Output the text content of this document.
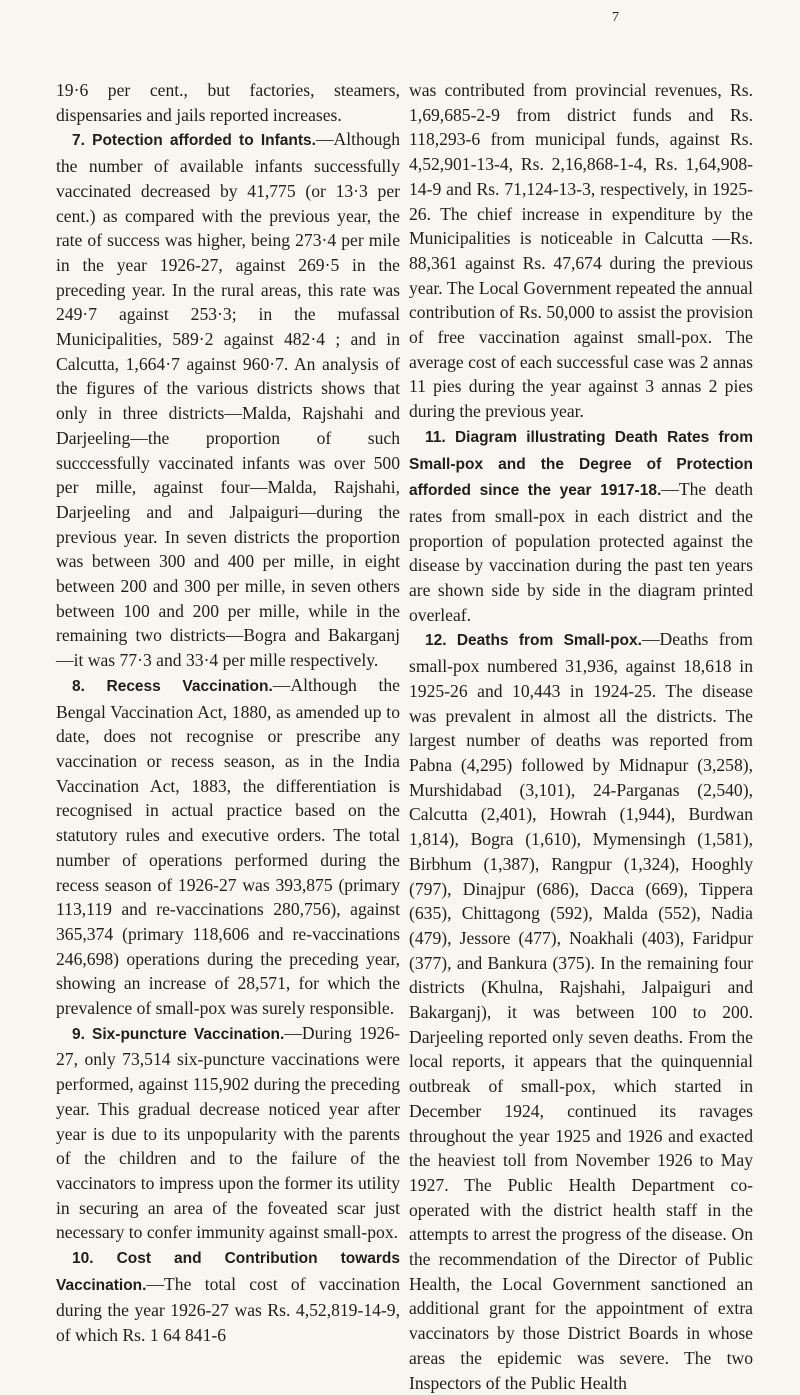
7

19·6 per cent., but factories, steamers, dispensaries and jails reported increases.

7. Potection afforded to Infants.—Although the number of available infants successfully vaccinated decreased by 41,775 (or 13·3 per cent.) as compared with the previous year, the rate of success was higher, being 273·4 per mile in the year 1926-27, against 269·5 in the preceding year. In the rural areas, this rate was 249·7 against 253·3; in the mufassal Municipalities, 589·2 against 482·4 ; and in Calcutta, 1,664·7 against 960·7. An analysis of the figures of the various districts shows that only in three districts—Malda, Rajshahi and Darjeeling—the proportion of such succcessfully vaccinated infants was over 500 per mille, against four—Malda, Rajshahi, Darjeeling and and Jalpaiguri—during the previous year. In seven districts the proportion was between 300 and 400 per mille, in eight between 200 and 300 per mille, in seven others between 100 and 200 per mille, while in the remaining two districts—Bogra and Bakarganj—it was 77·3 and 33·4 per mille respectively.

8. Recess Vaccination.—Although the Bengal Vaccination Act, 1880, as amended up to date, does not recognise or prescribe any vaccination or recess season, as in the India Vaccination Act, 1883, the differentiation is recognised in actual practice based on the statutory rules and executive orders. The total number of operations performed during the recess season of 1926-27 was 393,875 (primary 113,119 and re-vaccinations 280,756), against 365,374 (primary 118,606 and re-vaccinations 246,698) operations during the preceding year, showing an increase of 28,571, for which the prevalence of small-pox was surely responsible.

9. Six-puncture Vaccination.—During 1926-27, only 73,514 six-puncture vaccinations were performed, against 115,902 during the preceding year. This gradual decrease noticed year after year is due to its unpopularity with the parents of the children and to the failure of the vaccinators to impress upon the former its utility in securing an area of the foveated scar just necessary to confer immunity against small-pox.

10. Cost and Contribution towards Vaccination.—The total cost of vaccination during the year 1926-27 was Rs. 4,52,819-14-9, of which Rs. 1 64 841-6

was contributed from provincial revenues, Rs. 1,69,685-2-9 from district funds and Rs. 118,293-6 from municipal funds, against Rs. 4,52,901-13-4, Rs. 2,16,868-1-4, Rs. 1,64,908-14-9 and Rs. 71,124-13-3, respectively, in 1925-26. The chief increase in expenditure by the Municipalities is noticeable in Calcutta —Rs. 88,361 against Rs. 47,674 during the previous year. The Local Government repeated the annual contribution of Rs. 50,000 to assist the provision of free vaccination against small-pox. The average cost of each successful case was 2 annas 11 pies during the year against 3 annas 2 pies during the previous year.

11. Diagram illustrating Death Rates from Small-pox and the Degree of Protection afforded since the year 1917-18.—The death rates from small-pox in each district and the proportion of population protected against the disease by vaccination during the past ten years are shown side by side in the diagram printed overleaf.

12. Deaths from Small-pox.—Deaths from small-pox numbered 31,936, against 18,618 in 1925-26 and 10,443 in 1924-25. The disease was prevalent in almost all the districts. The largest number of deaths was reported from Pabna (4,295) followed by Midnapur (3,258), Murshidabad (3,101), 24-Parganas (2,540), Calcutta (2,401), Howrah (1,944), Burdwan 1,814), Bogra (1,610), Mymensingh (1,581), Birbhum (1,387), Rangpur (1,324), Hooghly (797), Dinajpur (686), Dacca (669), Tippera (635), Chittagong (592), Malda (552), Nadia (479), Jessore (477), Noakhali (403), Faridpur (377), and Bankura (375). In the remaining four districts (Khulna, Rajshahi, Jalpaiguri and Bakarganj), it was between 100 to 200. Darjeeling reported only seven deaths. From the local reports, it appears that the quinquennial outbreak of small-pox, which started in December 1924, continued its ravages throughout the year 1925 and 1926 and exacted the heaviest toll from November 1926 to May 1927. The Public Health Department co-operated with the district health staff in the attempts to arrest the progress of the disease. On the recommendation of the Director of Public Health, the Local Government sanctioned an additional grant for the appointment of extra vaccinators by those District Boards in whose areas the epidemic was severe. The two Inspectors of the Public Health
